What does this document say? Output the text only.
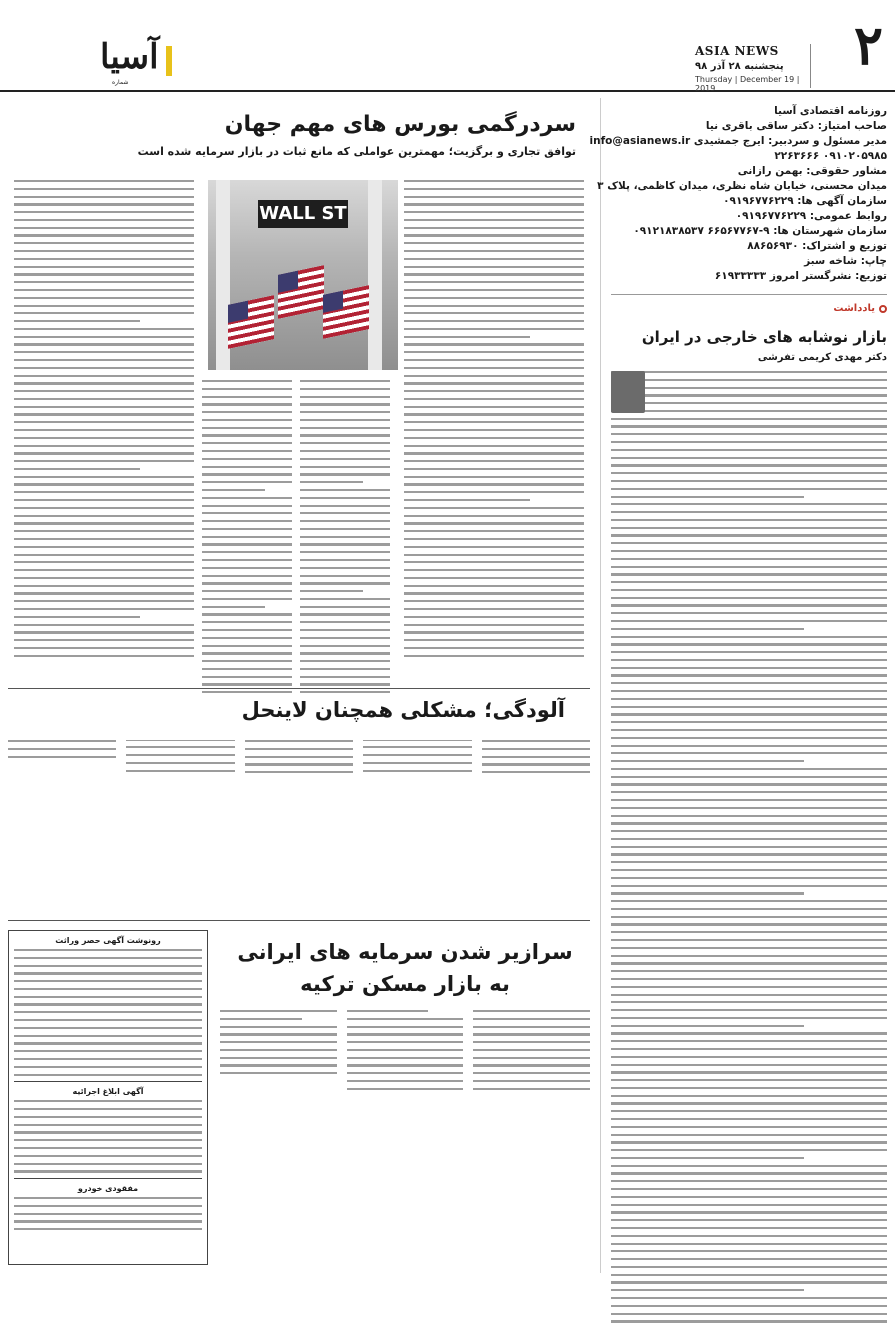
۲
ASIA NEWS
پنجشنبه ۲۸ آذر ۹۸
Thursday | December 19 | 2019
آسیا
شماره
روزنامه اقتصادی آسیا
صاحب امتیاز: دکتر ساقی باقری نیا
مدیر مسئول و سردبیر: ایرج جمشیدی info@asianews.ir
۰۹۱۰۲۰۵۹۸۵ ۲۲۶۳۶۶۶
مشاور حقوقی: بهمن رازانی
میدان محسنی، خیابان شاه نظری، میدان کاظمی، پلاک ۳
سازمان آگهی ها: ۰۹۱۹۶۷۷۶۲۲۹
روابط عمومی: ۰۹۱۹۶۷۷۶۲۲۹
سازمان شهرستان ها: ۹-۶۶۵۶۷۷۶۷ ۰۹۱۲۱۸۳۸۵۳۷
توزیع و اشتراک: ۸۸۶۵۶۹۳۰
چاپ: شاخه سبز
توزیع: نشرگستر امروز ۶۱۹۳۳۳۳۳
یادداشت
بازار نوشابه های خارجی در ایران
دکتر مهدی کریمی تفرشی
سردرگمی بورس های مهم جهان
توافق تجاری و برگزیت؛ مهمترین عواملی که مانع ثبات در بازار سرمایه شده است
WALL ST
آلودگی؛ مشکلی همچنان لاینحل
سرازیر شدن سرمایه های ایرانی
به بازار مسکن ترکیه
رونوشت آگهی حصر وراثت
آگهی ابلاغ اجرائیه
مفقودی خودرو
